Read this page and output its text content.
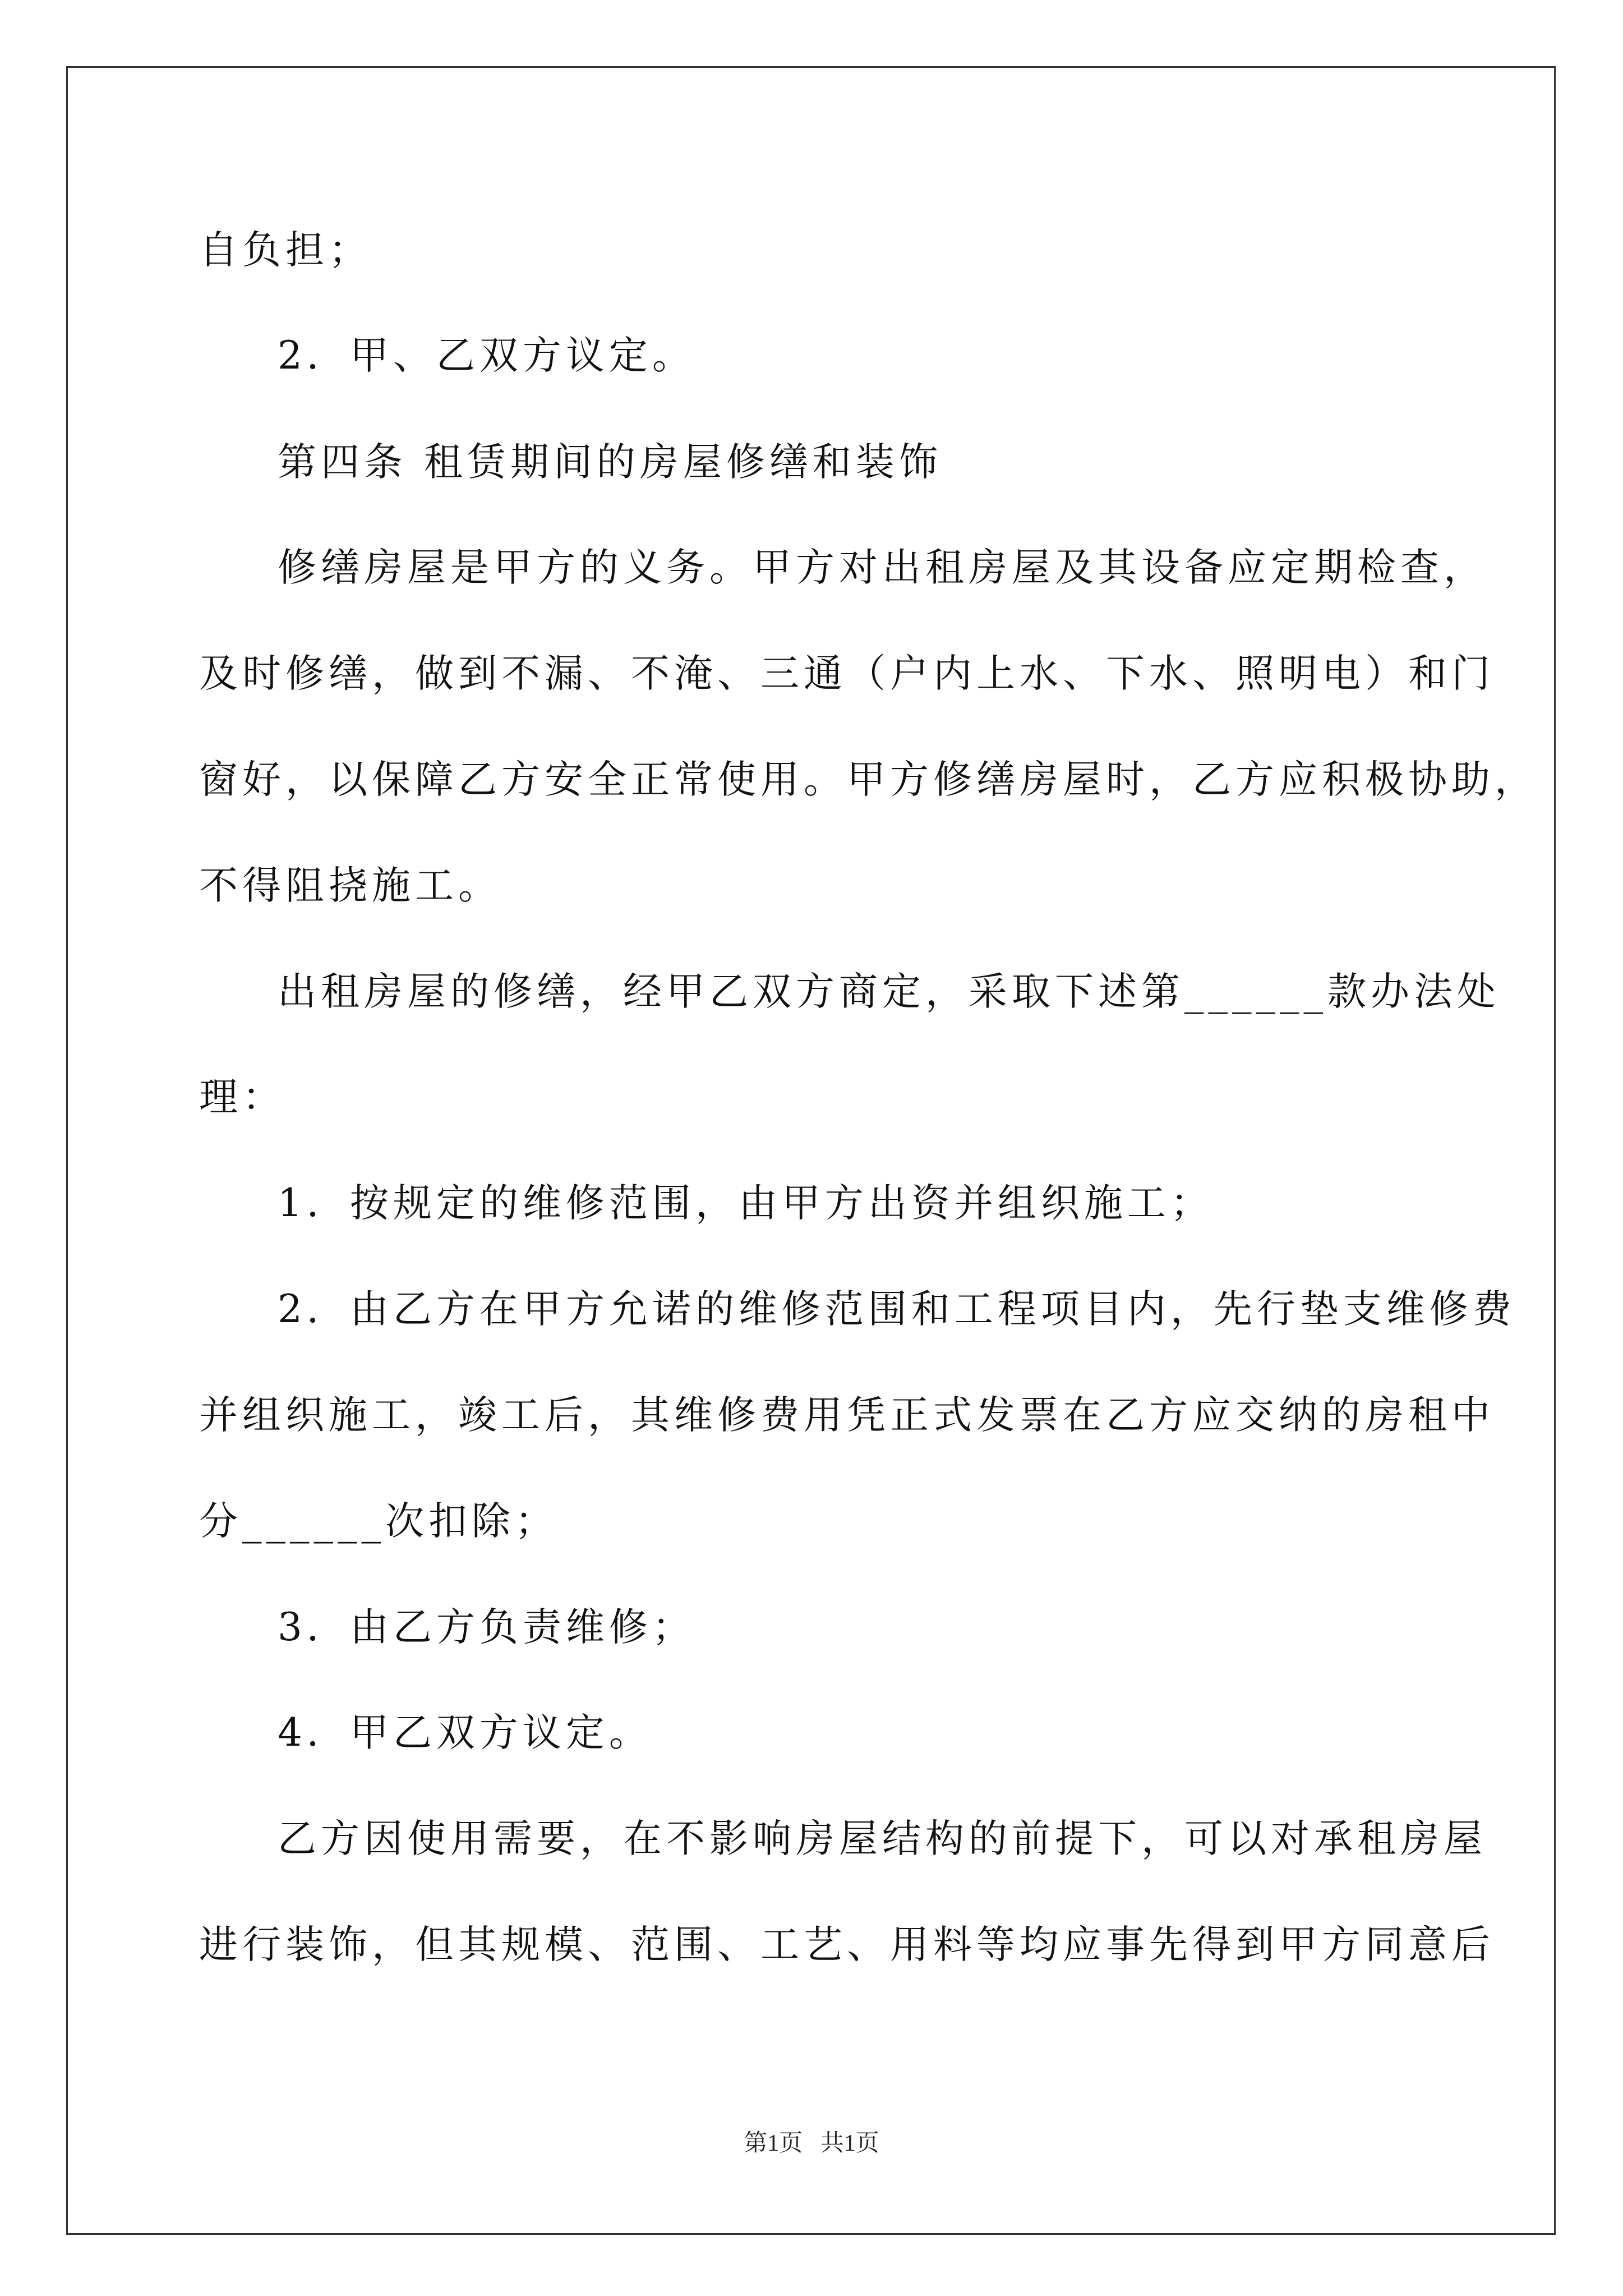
自负担；
2．甲、乙双方议定。
第四条 租赁期间的房屋修缮和装饰
修缮房屋是甲方的义务。甲方对出租房屋及其设备应定期检查，
及时修缮，做到不漏、不淹、三通（户内上水、下水、照明电）和门
窗好，以保障乙方安全正常使用。甲方修缮房屋时，乙方应积极协助，
不得阻挠施工。
出租房屋的修缮，经甲乙双方商定，采取下述第______款办法处
理：
1．按规定的维修范围，由甲方出资并组织施工；
2．由乙方在甲方允诺的维修范围和工程项目内，先行垫支维修费
并组织施工，竣工后，其维修费用凭正式发票在乙方应交纳的房租中
分______次扣除；
3．由乙方负责维修；
4．甲乙双方议定。
乙方因使用需要，在不影响房屋结构的前提下，可以对承租房屋
进行装饰，但其规模、范围、工艺、用料等均应事先得到甲方同意后
第1页   共1页
